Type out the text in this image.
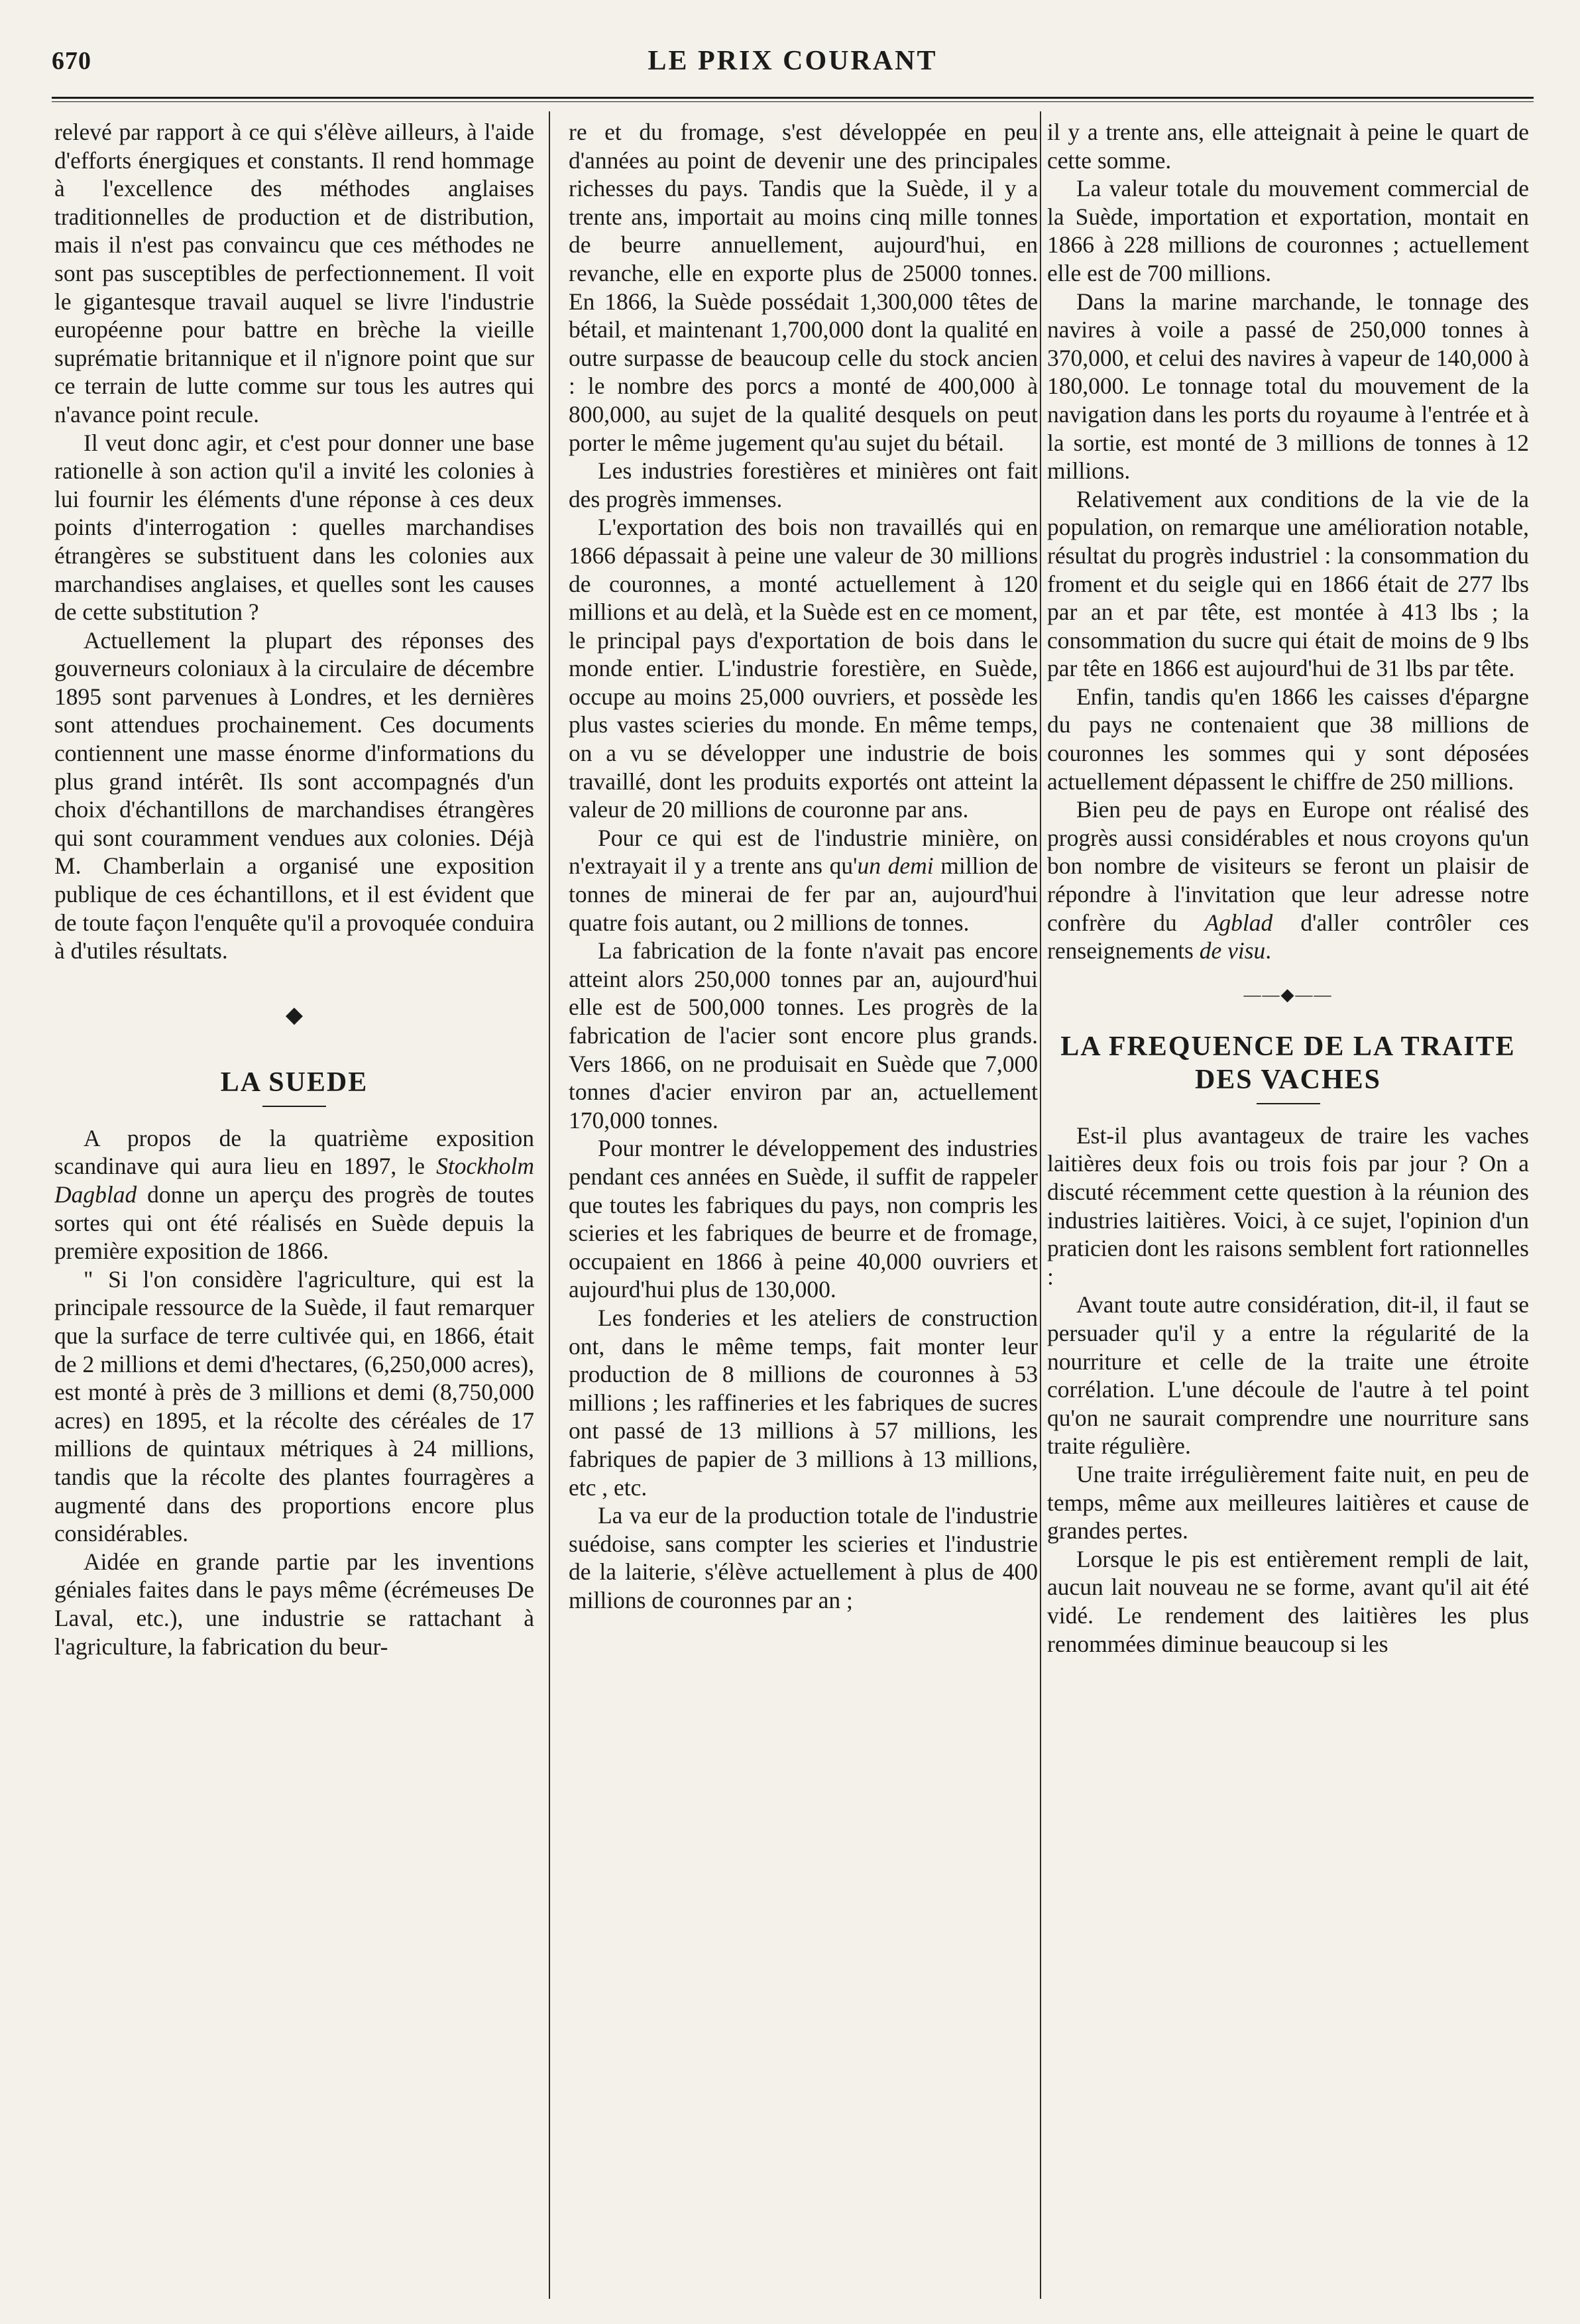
670	LE PRIX COURANT

relevé par rapport à ce qui s'élève ailleurs, à l'aide d'efforts énergiques et constants. Il rend hommage à l'excellence des méthodes anglaises traditionnelles de production et de distribution, mais il n'est pas convaincu que ces méthodes ne sont pas susceptibles de perfectionnement. Il voit le gigantesque travail auquel se livre l'industrie européenne pour battre en brèche la vieille suprématie britannique et il n'ignore point que sur ce terrain de lutte comme sur tous les autres qui n'avance point recule.

Il veut donc agir, et c'est pour donner une base rationelle à son action qu'il a invité les colonies à lui fournir les éléments d'une réponse à ces deux points d'interrogation : quelles marchandises étrangères se substituent dans les colonies aux marchandises anglaises, et quelles sont les causes de cette substitution ?

Actuellement la plupart des réponses des gouverneurs coloniaux à la circulaire de décembre 1895 sont parvenues à Londres, et les dernières sont attendues prochainement. Ces documents contiennent une masse énorme d'informations du plus grand intérêt. Ils sont accompagnés d'un choix d'échantillons de marchandises étrangères qui sont couramment vendues aux colonies. Déjà M. Chamberlain a organisé une exposition publique de ces échantillons, et il est évident que de toute façon l'enquête qu'il a provoquée conduira à d'utiles résultats.

◆
LA SUEDE

A propos de la quatrième exposition scandinave qui aura lieu en 1897, le Stockholm Dagblad donne un aperçu des progrès de toutes sortes qui ont été réalisés en Suède depuis la première exposition de 1866.

" Si l'on considère l'agriculture, qui est la principale ressource de la Suède, il faut remarquer que la surface de terre cultivée qui, en 1866, était de 2 millions et demi d'hectares, (6,250,000 acres), est monté à près de 3 millions et demi (8,750,000 acres) en 1895, et la récolte des céréales de 17 millions de quintaux métriques à 24 millions, tandis que la récolte des plantes fourragères a augmenté dans des proportions encore plus considérables.

Aidée en grande partie par les inventions géniales faites dans le pays même (écrémeuses De Laval, etc.), une industrie se rattachant à l'agriculture, la fabrication du beur-

re et du fromage, s'est développée en peu d'années au point de devenir une des principales richesses du pays. Tandis que la Suède, il y a trente ans, importait au moins cinq mille tonnes de beurre annuellement, aujourd'hui, en revanche, elle en exporte plus de 25000 tonnes. En 1866, la Suède possédait 1,300,000 têtes de bétail, et maintenant 1,700,000 dont la qualité en outre surpasse de beaucoup celle du stock ancien : le nombre des porcs a monté de 400,000 à 800,000, au sujet de la qualité desquels on peut porter le même jugement qu'au sujet du bétail.

Les industries forestières et minières ont fait des progrès immenses.

L'exportation des bois non travaillés qui en 1866 dépassait à peine une valeur de 30 millions de couronnes, a monté actuellement à 120 millions et au delà, et la Suède est en ce moment, le principal pays d'exportation de bois dans le monde entier. L'industrie forestière, en Suède, occupe au moins 25,000 ouvriers, et possède les plus vastes scieries du monde. En même temps, on a vu se développer une industrie de bois travaillé, dont les produits exportés ont atteint la valeur de 20 millions de couronne par ans.

Pour ce qui est de l'industrie minière, on n'extrayait il y a trente ans qu'un demi million de tonnes de minerai de fer par an, aujourd'hui quatre fois autant, ou 2 millions de tonnes.

La fabrication de la fonte n'avait pas encore atteint alors 250,000 tonnes par an, aujourd'hui elle est de 500,000 tonnes. Les progrès de la fabrication de l'acier sont encore plus grands. Vers 1866, on ne produisait en Suède que 7,000 tonnes d'acier environ par an, actuellement 170,000 tonnes.

Pour montrer le développement des industries pendant ces années en Suède, il suffit de rappeler que toutes les fabriques du pays, non compris les scieries et les fabriques de beurre et de fromage, occupaient en 1866 à peine 40,000 ouvriers et aujourd'hui plus de 130,000.

Les fonderies et les ateliers de construction ont, dans le même temps, fait monter leur production de 8 millions de couronnes à 53 millions ; les raffineries et les fabriques de sucres ont passé de 13 millions à 57 millions, les fabriques de papier de 3 millions à 13 millions, etc , etc.

La va eur de la production totale de l'industrie suédoise, sans compter les scieries et l'industrie de la laiterie, s'élève actuellement à plus de 400 millions de couronnes par an ;

il y a trente ans, elle atteignait à peine le quart de cette somme.

La valeur totale du mouvement commercial de la Suède, importation et exportation, montait en 1866 à 228 millions de couronnes ; actuellement elle est de 700 millions.

Dans la marine marchande, le tonnage des navires à voile a passé de 250,000 tonnes à 370,000, et celui des navires à vapeur de 140,000 à 180,000. Le tonnage total du mouvement de la navigation dans les ports du royaume à l'entrée et à la sortie, est monté de 3 millions de tonnes à 12 millions.

Relativement aux conditions de la vie de la population, on remarque une amélioration notable, résultat du progrès industriel : la consommation du froment et du seigle qui en 1866 était de 277 lbs par an et par tête, est montée à 413 lbs ; la consommation du sucre qui était de moins de 9 lbs par tête en 1866 est aujourd'hui de 31 lbs par tête.

Enfin, tandis qu'en 1866 les caisses d'épargne du pays ne contenaient que 38 millions de couronnes les sommes qui y sont déposées actuellement dépassent le chiffre de 250 millions.

Bien peu de pays en Europe ont réalisé des progrès aussi considérables et nous croyons qu'un bon nombre de visiteurs se feront un plaisir de répondre à l'invitation que leur adresse notre confrère du Agblad d'aller contrôler ces renseignements de visu.

——◆——
LA FREQUENCE DE LA TRAITE DES VACHES

Est-il plus avantageux de traire les vaches laitières deux fois ou trois fois par jour ? On a discuté récemment cette question à la réunion des industries laitières. Voici, à ce sujet, l'opinion d'un praticien dont les raisons semblent fort rationnelles :

Avant toute autre considération, dit-il, il faut se persuader qu'il y a entre la régularité de la nourriture et celle de la traite une étroite corrélation. L'une découle de l'autre à tel point qu'on ne saurait comprendre une nourriture sans traite régulière.

Une traite irrégulièrement faite nuit, en peu de temps, même aux meilleures laitières et cause de grandes pertes.

Lorsque le pis est entièrement rempli de lait, aucun lait nouveau ne se forme, avant qu'il ait été vidé. Le rendement des laitières les plus renommées diminue beaucoup si les
